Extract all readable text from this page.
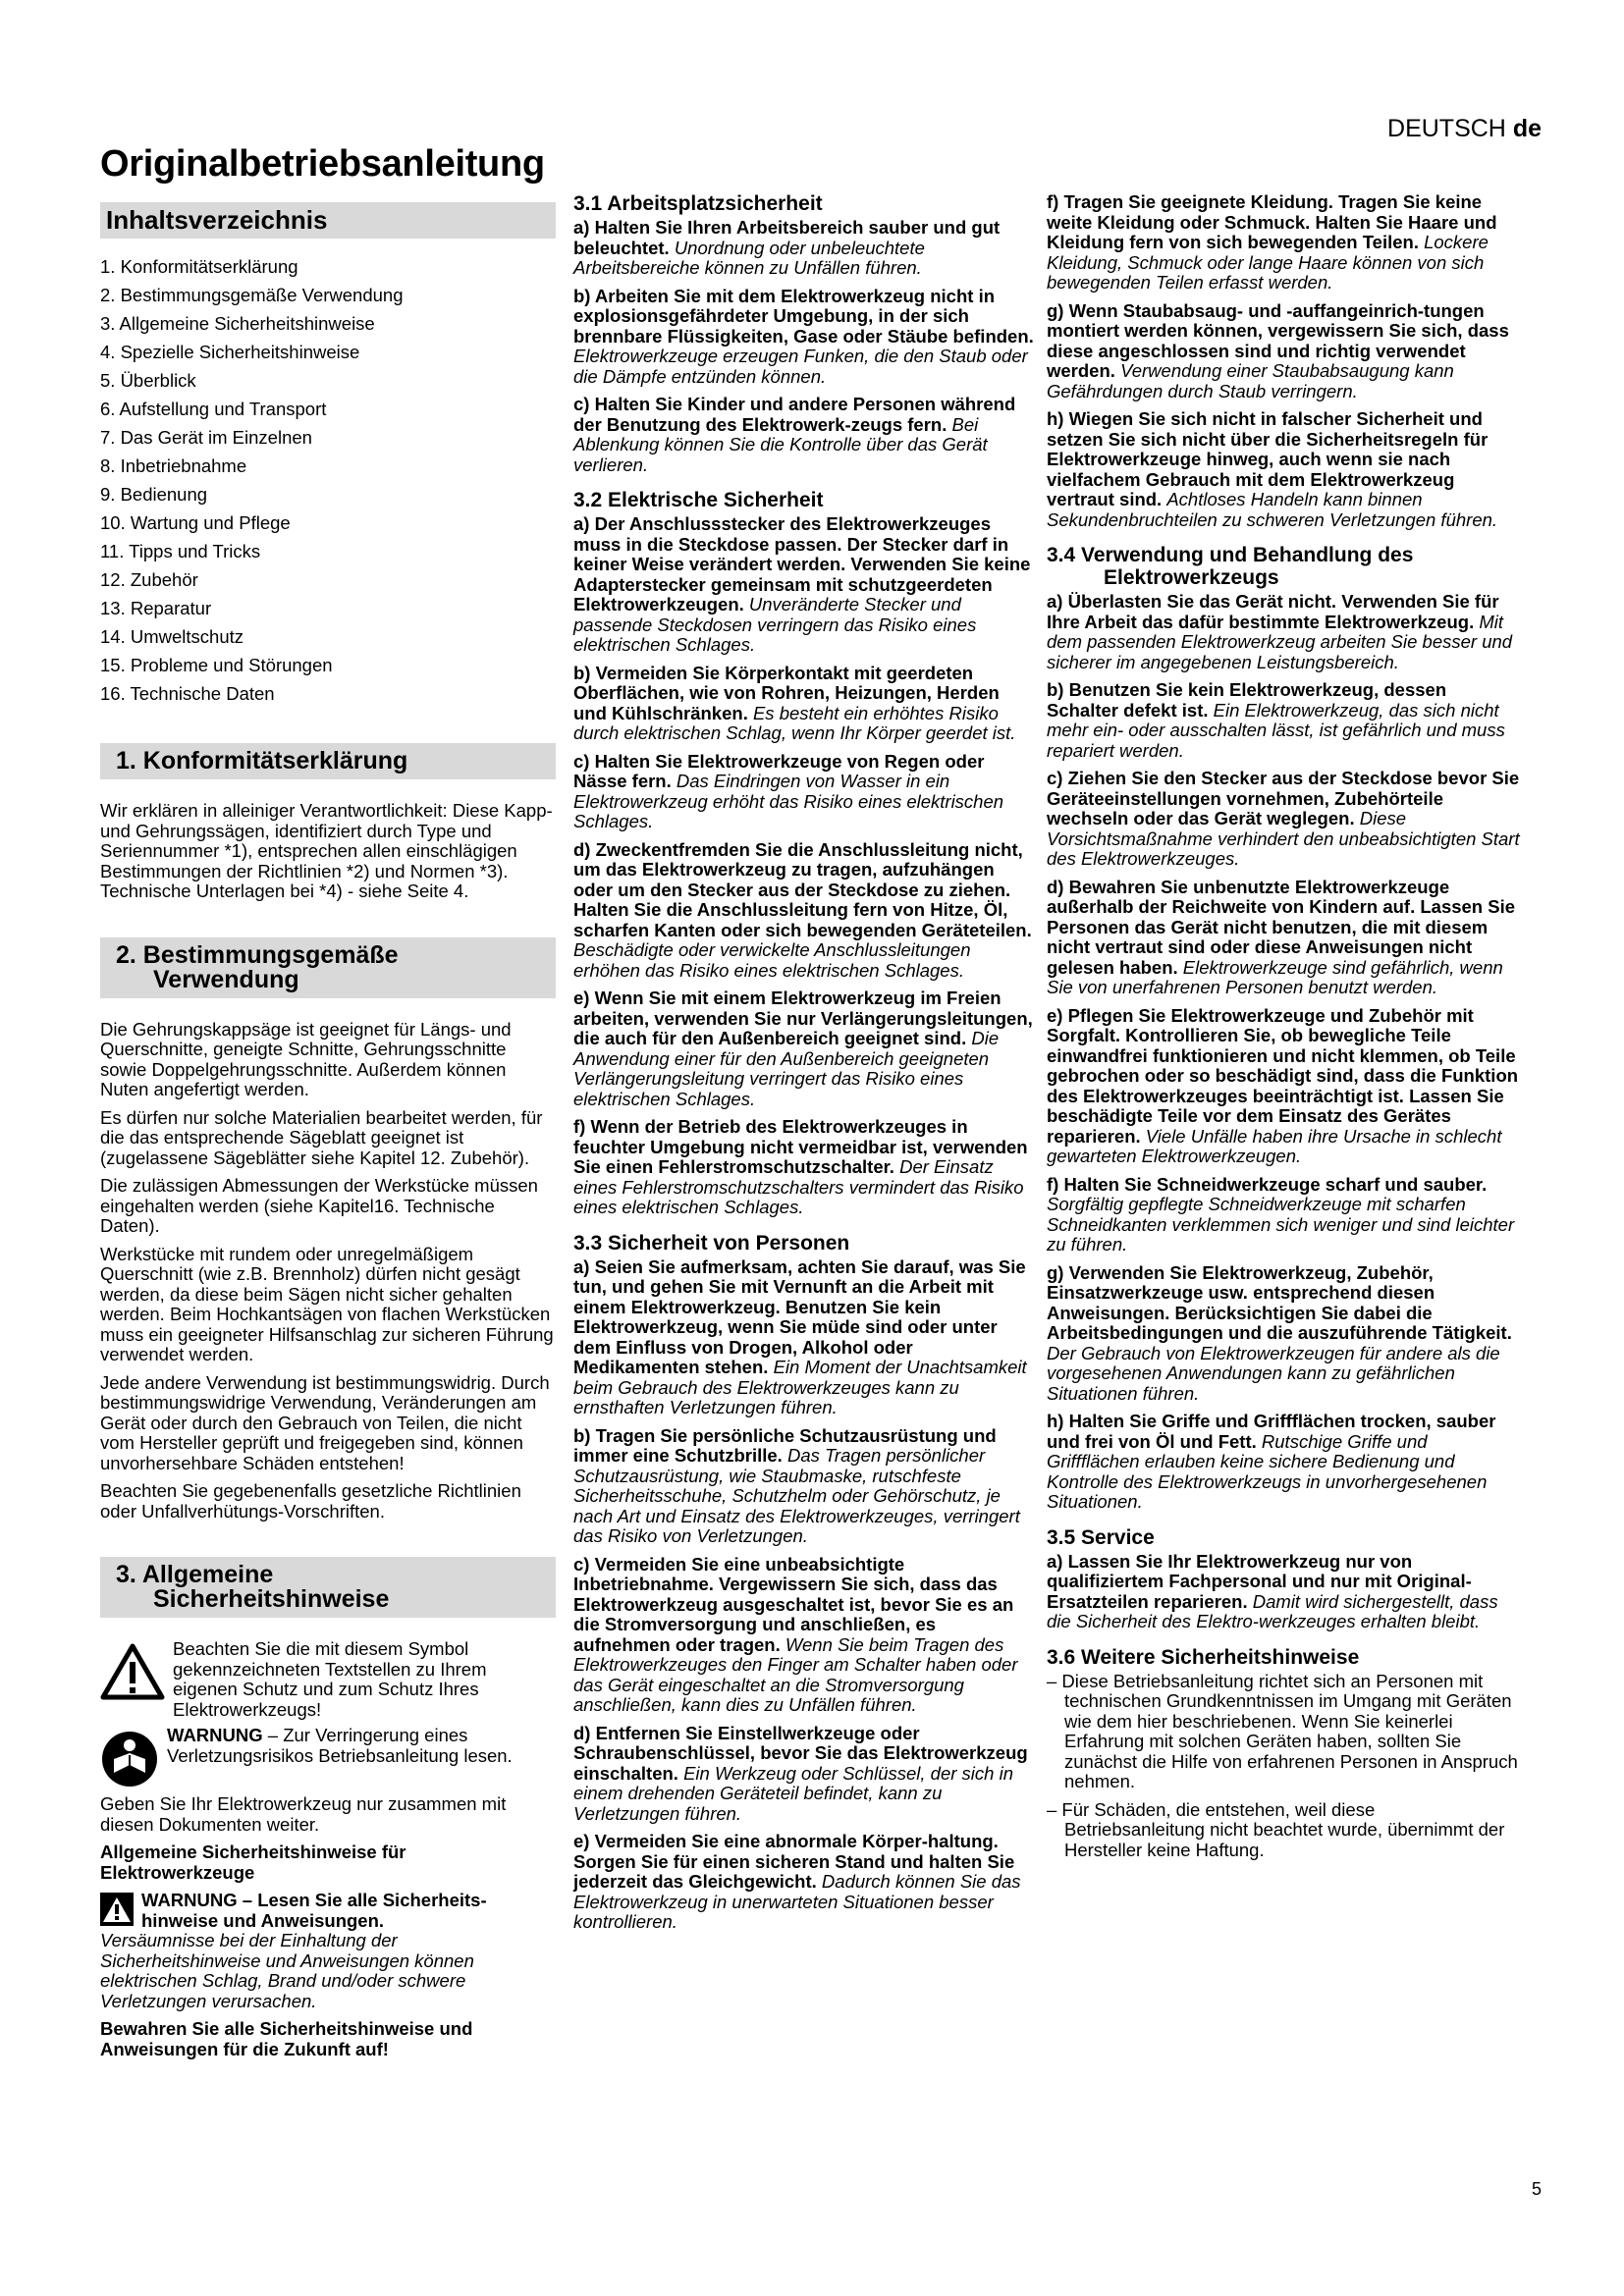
DEUTSCH de
Originalbetriebsanleitung
Inhaltsverzeichnis
1. Konformitätserklärung
2. Bestimmungsgemäße Verwendung
3. Allgemeine Sicherheitshinweise
4. Spezielle Sicherheitshinweise
5. Überblick
6. Aufstellung und Transport
7. Das Gerät im Einzelnen
8. Inbetriebnahme
9. Bedienung
10. Wartung und Pflege
11. Tipps und Tricks
12. Zubehör
13. Reparatur
14. Umweltschutz
15. Probleme und Störungen
16. Technische Daten
1. Konformitätserklärung

Wir erklären in alleiniger Verantwortlichkeit: Diese Kapp- und Gehrungssägen, identifiziert durch Type und Seriennummer *1), entsprechen allen einschlägigen Bestimmungen der Richtlinien *2) und Normen *3). Technische Unterlagen bei *4) - siehe Seite 4.

2. Bestimmungsgemäße
Verwendung

Die Gehrungskappsäge ist geeignet für Längs- und Querschnitte, geneigte Schnitte, Gehrungsschnitte sowie Doppelgehrungsschnitte. Außerdem können Nuten angefertigt werden.

Es dürfen nur solche Materialien bearbeitet werden, für die das entsprechende Sägeblatt geeignet ist (zugelassene Sägeblätter siehe Kapitel 12. Zubehör).

Die zulässigen Abmessungen der Werkstücke müssen eingehalten werden (siehe Kapitel16. Technische Daten).

Werkstücke mit rundem oder unregelmäßigem Querschnitt (wie z.B. Brennholz) dürfen nicht gesägt werden, da diese beim Sägen nicht sicher gehalten werden. Beim Hochkantsägen von flachen Werkstücken muss ein geeigneter Hilfsanschlag zur sicheren Führung verwendet werden.

Jede andere Verwendung ist bestimmungswidrig. Durch bestimmungswidrige Verwendung, Veränderungen am Gerät oder durch den Gebrauch von Teilen, die nicht vom Hersteller geprüft und freigegeben sind, können unvorhersehbare Schäden entstehen!

Beachten Sie gegebenenfalls gesetzliche Richtlinien oder Unfallverhütungs-Vorschriften.

3. Allgemeine
Sicherheitshinweise
Beachten Sie die mit diesem Symbol gekennzeichneten Textstellen zu Ihrem eigenen Schutz und zum Schutz Ihres Elektrowerkzeugs!
WARNUNG – Zur Verringerung eines Verletzungsrisikos Betriebsanleitung lesen.

Geben Sie Ihr Elektrowerkzeug nur zusammen mit diesen Dokumenten weiter.

Allgemeine Sicherheitshinweise für Elektrowerkzeuge

WARNUNG – Lesen Sie alle Sicherheits-hinweise und Anweisungen.
Versäumnisse bei der Einhaltung der Sicherheitshinweise und Anweisungen können elektrischen Schlag, Brand und/oder schwere Verletzungen verursachen.

Bewahren Sie alle Sicherheitshinweise und Anweisungen für die Zukunft auf!

3.1 Arbeitsplatzsicherheit

a) Halten Sie Ihren Arbeitsbereich sauber und gut beleuchtet. Unordnung oder unbeleuchtete Arbeitsbereiche können zu Unfällen führen.

b) Arbeiten Sie mit dem Elektrowerkzeug nicht in explosionsgefährdeter Umgebung, in der sich brennbare Flüssigkeiten, Gase oder Stäube befinden. Elektrowerkzeuge erzeugen Funken, die den Staub oder die Dämpfe entzünden können.

c) Halten Sie Kinder und andere Personen während der Benutzung des Elektrowerk-zeugs fern. Bei Ablenkung können Sie die Kontrolle über das Gerät verlieren.

3.2 Elektrische Sicherheit

a) Der Anschlussstecker des Elektrowerkzeuges muss in die Steckdose passen. Der Stecker darf in keiner Weise verändert werden. Verwenden Sie keine Adapterstecker gemeinsam mit schutzgeerdeten Elektrowerkzeugen. Unveränderte Stecker und passende Steckdosen verringern das Risiko eines elektrischen Schlages.

b) Vermeiden Sie Körperkontakt mit geerdeten Oberflächen, wie von Rohren, Heizungen, Herden und Kühlschränken. Es besteht ein erhöhtes Risiko durch elektrischen Schlag, wenn Ihr Körper geerdet ist.

c) Halten Sie Elektrowerkzeuge von Regen oder Nässe fern. Das Eindringen von Wasser in ein Elektrowerkzeug erhöht das Risiko eines elektrischen Schlages.

d) Zweckentfremden Sie die Anschlussleitung nicht, um das Elektrowerkzeug zu tragen, aufzuhängen oder um den Stecker aus der Steckdose zu ziehen. Halten Sie die Anschlussleitung fern von Hitze, Öl, scharfen Kanten oder sich bewegenden Geräteteilen. Beschädigte oder verwickelte Anschlussleitungen erhöhen das Risiko eines elektrischen Schlages.

e) Wenn Sie mit einem Elektrowerkzeug im Freien arbeiten, verwenden Sie nur Verlängerungsleitungen, die auch für den Außenbereich geeignet sind. Die Anwendung einer für den Außenbereich geeigneten Verlängerungsleitung verringert das Risiko eines elektrischen Schlages.

f) Wenn der Betrieb des Elektrowerkzeuges in feuchter Umgebung nicht vermeidbar ist, verwenden Sie einen Fehlerstromschutzschalter. Der Einsatz eines Fehlerstromschutzschalters vermindert das Risiko eines elektrischen Schlages.

3.3 Sicherheit von Personen

a) Seien Sie aufmerksam, achten Sie darauf, was Sie tun, und gehen Sie mit Vernunft an die Arbeit mit einem Elektrowerkzeug. Benutzen Sie kein Elektrowerkzeug, wenn Sie müde sind oder unter dem Einfluss von Drogen, Alkohol oder Medikamenten stehen. Ein Moment der Unachtsamkeit beim Gebrauch des Elektrowerkzeuges kann zu ernsthaften Verletzungen führen.

b) Tragen Sie persönliche Schutzausrüstung und immer eine Schutzbrille. Das Tragen persönlicher Schutzausrüstung, wie Staubmaske, rutschfeste Sicherheitsschuhe, Schutzhelm oder Gehörschutz, je nach Art und Einsatz des Elektrowerkzeuges, verringert das Risiko von Verletzungen.

c) Vermeiden Sie eine unbeabsichtigte Inbetriebnahme. Vergewissern Sie sich, dass das Elektrowerkzeug ausgeschaltet ist, bevor Sie es an die Stromversorgung und anschließen, es aufnehmen oder tragen. Wenn Sie beim Tragen des Elektrowerkzeuges den Finger am Schalter haben oder das Gerät eingeschaltet an die Stromversorgung anschließen, kann dies zu Unfällen führen.

d) Entfernen Sie Einstellwerkzeuge oder Schraubenschlüssel, bevor Sie das Elektrowerkzeug einschalten. Ein Werkzeug oder Schlüssel, der sich in einem drehenden Geräteteil befindet, kann zu Verletzungen führen.

e) Vermeiden Sie eine abnormale Körper-haltung. Sorgen Sie für einen sicheren Stand und halten Sie jederzeit das Gleichgewicht. Dadurch können Sie das Elektrowerkzeug in unerwarteten Situationen besser kontrollieren.

f) Tragen Sie geeignete Kleidung. Tragen Sie keine weite Kleidung oder Schmuck. Halten Sie Haare und Kleidung fern von sich bewegenden Teilen. Lockere Kleidung, Schmuck oder lange Haare können von sich bewegenden Teilen erfasst werden.

g) Wenn Staubabsaug- und -auffangeinrich-tungen montiert werden können, vergewissern Sie sich, dass diese angeschlossen sind und richtig verwendet werden. Verwendung einer Staubabsaugung kann Gefährdungen durch Staub verringern.

h) Wiegen Sie sich nicht in falscher Sicherheit und setzen Sie sich nicht über die Sicherheitsregeln für Elektrowerkzeuge hinweg, auch wenn sie nach vielfachem Gebrauch mit dem Elektrowerkzeug vertraut sind. Achtloses Handeln kann binnen Sekundenbruchteilen zu schweren Verletzungen führen.

3.4 Verwendung und Behandlung des
Elektrowerkzeugs

a) Überlasten Sie das Gerät nicht. Verwenden Sie für Ihre Arbeit das dafür bestimmte Elektrowerkzeug. Mit dem passenden Elektrowerkzeug arbeiten Sie besser und sicherer im angegebenen Leistungsbereich.

b) Benutzen Sie kein Elektrowerkzeug, dessen Schalter defekt ist. Ein Elektrowerkzeug, das sich nicht mehr ein- oder ausschalten lässt, ist gefährlich und muss repariert werden.

c) Ziehen Sie den Stecker aus der Steckdose bevor Sie Geräteeinstellungen vornehmen, Zubehörteile wechseln oder das Gerät weglegen. Diese Vorsichtsmaßnahme verhindert den unbeabsichtigten Start des Elektrowerkzeuges.

d) Bewahren Sie unbenutzte Elektrowerkzeuge außerhalb der Reichweite von Kindern auf. Lassen Sie Personen das Gerät nicht benutzen, die mit diesem nicht vertraut sind oder diese Anweisungen nicht gelesen haben. Elektrowerkzeuge sind gefährlich, wenn Sie von unerfahrenen Personen benutzt werden.

e) Pflegen Sie Elektrowerkzeuge und Zubehör mit Sorgfalt. Kontrollieren Sie, ob bewegliche Teile einwandfrei funktionieren und nicht klemmen, ob Teile gebrochen oder so beschädigt sind, dass die Funktion des Elektrowerkzeuges beeinträchtigt ist. Lassen Sie beschädigte Teile vor dem Einsatz des Gerätes reparieren. Viele Unfälle haben ihre Ursache in schlecht gewarteten Elektrowerkzeugen.

f) Halten Sie Schneidwerkzeuge scharf und sauber. Sorgfältig gepflegte Schneidwerkzeuge mit scharfen Schneidkanten verklemmen sich weniger und sind leichter zu führen.

g) Verwenden Sie Elektrowerkzeug, Zubehör, Einsatzwerkzeuge usw. entsprechend diesen Anweisungen. Berücksichtigen Sie dabei die Arbeitsbedingungen und die auszuführende Tätigkeit. Der Gebrauch von Elektrowerkzeugen für andere als die vorgesehenen Anwendungen kann zu gefährlichen Situationen führen.

h) Halten Sie Griffe und Griffflächen trocken, sauber und frei von Öl und Fett. Rutschige Griffe und Griffflächen erlauben keine sichere Bedienung und Kontrolle des Elektrowerkzeugs in unvorhergesehenen Situationen.

3.5 Service

a) Lassen Sie Ihr Elektrowerkzeug nur von qualifiziertem Fachpersonal und nur mit Original-Ersatzteilen reparieren. Damit wird sichergestellt, dass die Sicherheit des Elektro-werkzeuges erhalten bleibt.

3.6 Weitere Sicherheitshinweise
– Diese Betriebsanleitung richtet sich an Personen mit technischen Grundkenntnissen im Umgang mit Geräten wie dem hier beschriebenen. Wenn Sie keinerlei Erfahrung mit solchen Geräten haben, sollten Sie zunächst die Hilfe von erfahrenen Personen in Anspruch nehmen.
– Für Schäden, die entstehen, weil diese Betriebsanleitung nicht beachtet wurde, übernimmt der Hersteller keine Haftung.
5
